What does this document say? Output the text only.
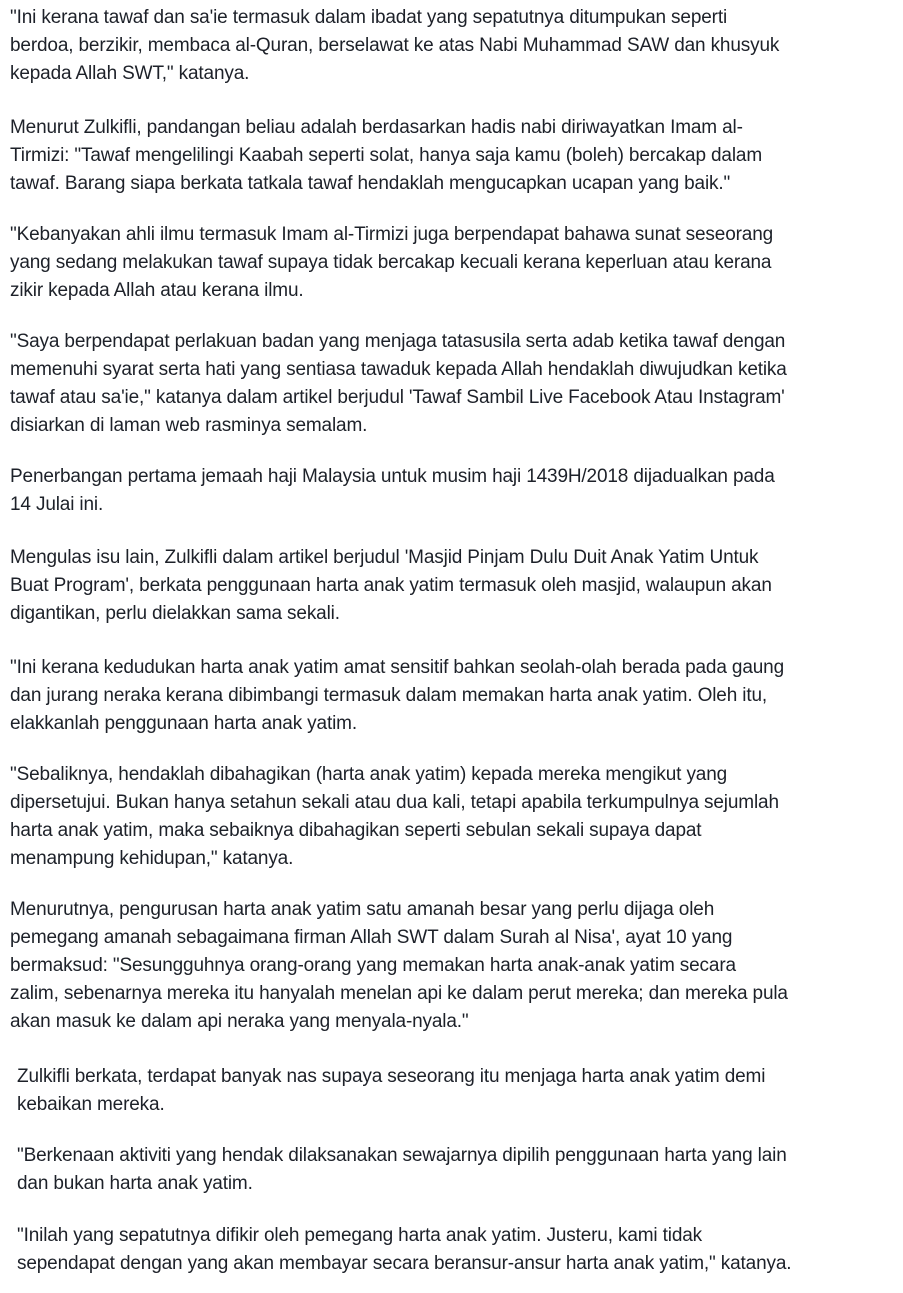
"Ini kerana tawaf dan sa'ie termasuk dalam ibadat yang sepatutnya ditumpukan seperti
berdoa, berzikir, membaca al-Quran, berselawat ke atas Nabi Muhammad SAW dan khusyuk
kepada Allah SWT," katanya.

Menurut Zulkifli, pandangan beliau adalah berdasarkan hadis nabi diriwayatkan Imam al-
Tirmizi: "Tawaf mengelilingi Kaabah seperti solat, hanya saja kamu (boleh) bercakap dalam
tawaf. Barang siapa berkata tatkala tawaf hendaklah mengucapkan ucapan yang baik."

"Kebanyakan ahli ilmu termasuk Imam al-Tirmizi juga berpendapat bahawa sunat seseorang
yang sedang melakukan tawaf supaya tidak bercakap kecuali kerana keperluan atau kerana
zikir kepada Allah atau kerana ilmu.

"Saya berpendapat perlakuan badan yang menjaga tatasusila serta adab ketika tawaf dengan
memenuhi syarat serta hati yang sentiasa tawaduk kepada Allah hendaklah diwujudkan ketika
tawaf atau sa'ie," katanya dalam artikel berjudul 'Tawaf Sambil Live Facebook Atau Instagram'
disiarkan di laman web rasminya semalam.

Penerbangan pertama jemaah haji Malaysia untuk musim haji 1439H/2018 dijadualkan pada
14 Julai ini.

Mengulas isu lain, Zulkifli dalam artikel berjudul 'Masjid Pinjam Dulu Duit Anak Yatim Untuk
Buat Program', berkata penggunaan harta anak yatim termasuk oleh masjid, walaupun akan
digantikan, perlu dielakkan sama sekali.

"Ini kerana kedudukan harta anak yatim amat sensitif bahkan seolah-olah berada pada gaung
dan jurang neraka kerana dibimbangi termasuk dalam memakan harta anak yatim. Oleh itu,
elakkanlah penggunaan harta anak yatim.

"Sebaliknya, hendaklah dibahagikan (harta anak yatim) kepada mereka mengikut yang
dipersetujui. Bukan hanya setahun sekali atau dua kali, tetapi apabila terkumpulnya sejumlah
harta anak yatim, maka sebaiknya dibahagikan seperti sebulan sekali supaya dapat
menampung kehidupan," katanya.

Menurutnya, pengurusan harta anak yatim satu amanah besar yang perlu dijaga oleh
pemegang amanah sebagaimana firman Allah SWT dalam Surah al Nisa', ayat 10 yang
bermaksud: "Sesungguhnya orang-orang yang memakan harta anak-anak yatim secara
zalim, sebenarnya mereka itu hanyalah menelan api ke dalam perut mereka; dan mereka pula
akan masuk ke dalam api neraka yang menyala-nyala."

Zulkifli berkata, terdapat banyak nas supaya seseorang itu menjaga harta anak yatim demi
kebaikan mereka.

"Berkenaan aktiviti yang hendak dilaksanakan sewajarnya dipilih penggunaan harta yang lain
dan bukan harta anak yatim.

"Inilah yang sepatutnya difikir oleh pemegang harta anak yatim. Justeru, kami tidak
sependapat dengan yang akan membayar secara beransur-ansur harta anak yatim," katanya.
